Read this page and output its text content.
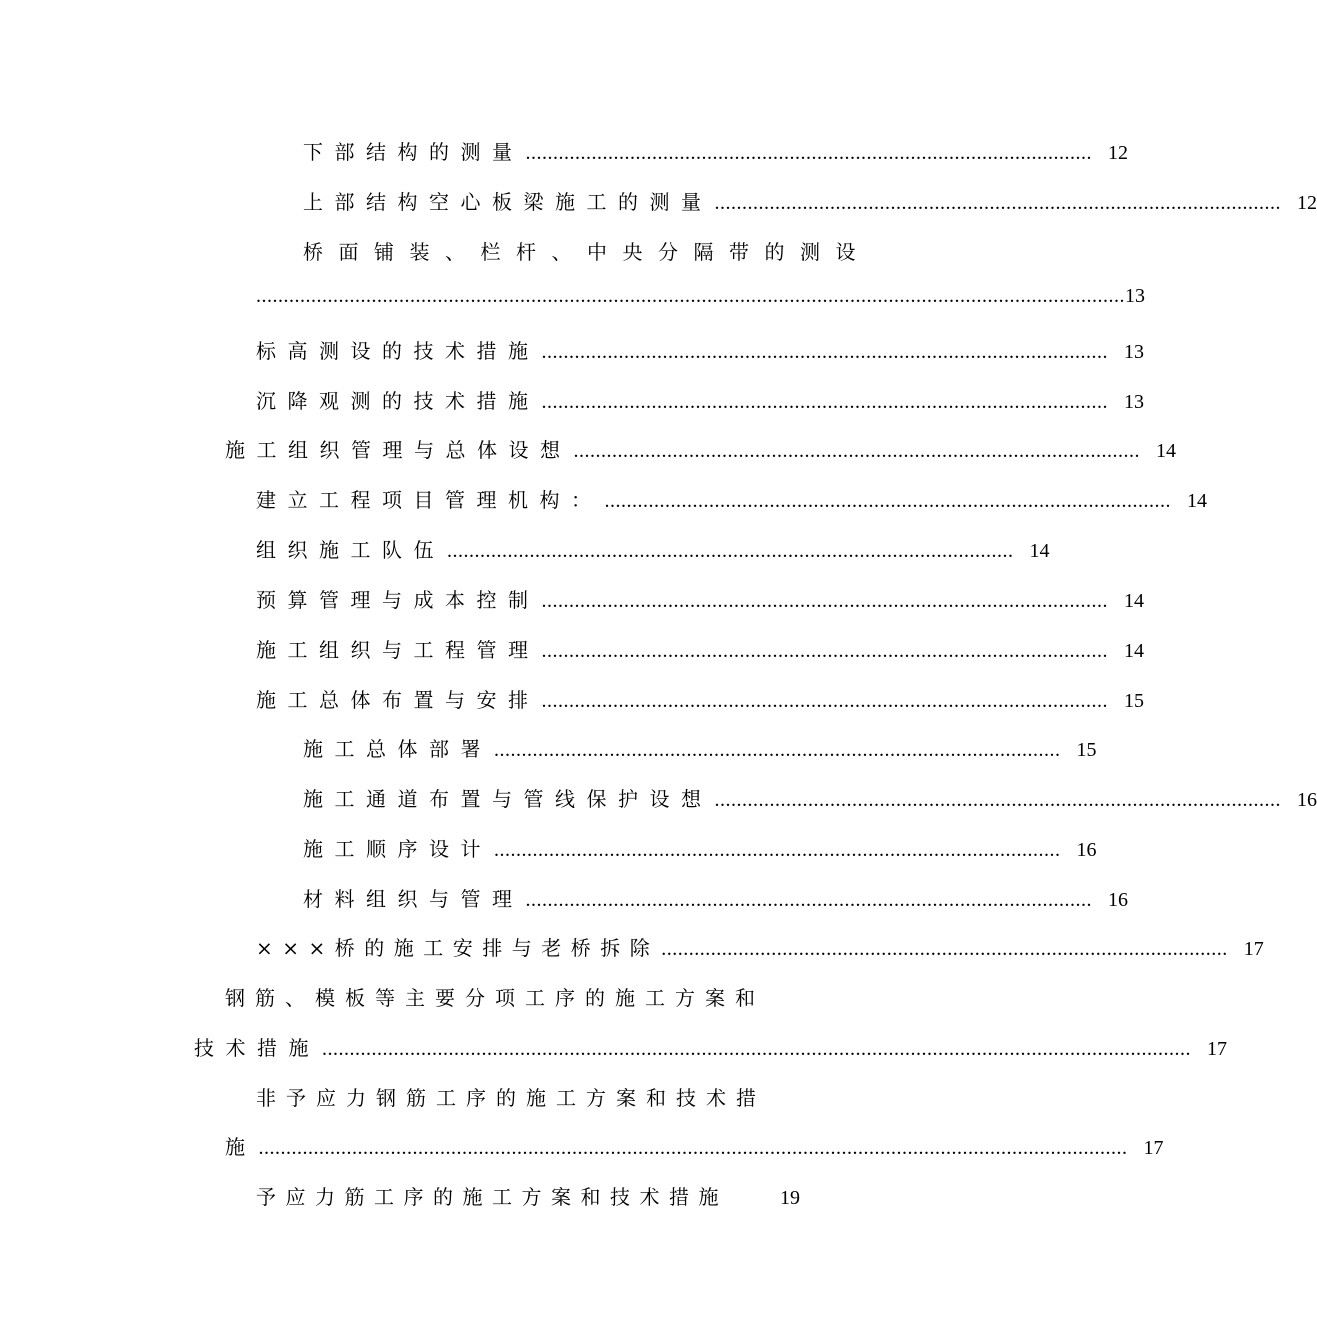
下部结构的测量 ....................................................................................................... 12
上部结构空心板梁施工的测量 ....................................................................................................... 12
桥面铺装、栏杆、中央分隔带的测设
.............................................................................................................................................................. 13
标高测设的技术措施 ....................................................................................................... 13
沉降观测的技术措施 ....................................................................................................... 13
施工组织管理与总体设想 ....................................................................................................... 14
建立工程项目管理机构： ....................................................................................................... 14
组织施工队伍 ....................................................................................................... 14
预算管理与成本控制 ....................................................................................................... 14
施工组织与工程管理 ....................................................................................................... 14
施工总体布置与安排 ....................................................................................................... 15
施工总体部署 ....................................................................................................... 15
施工通道布置与管线保护设想 ....................................................................................................... 16
施工顺序设计 ....................................................................................................... 16
材料组织与管理 ....................................................................................................... 16
×××桥的施工安排与老桥拆除 ....................................................................................................... 17
钢筋、模板等主要分项工序的施工方案和
技术措施 .............................................................................................................................................................. 17
非予应力钢筋工序的施工方案和技术措
施 .............................................................................................................................................................. 17
予应力筋工序的施工方案和技术措施	19
